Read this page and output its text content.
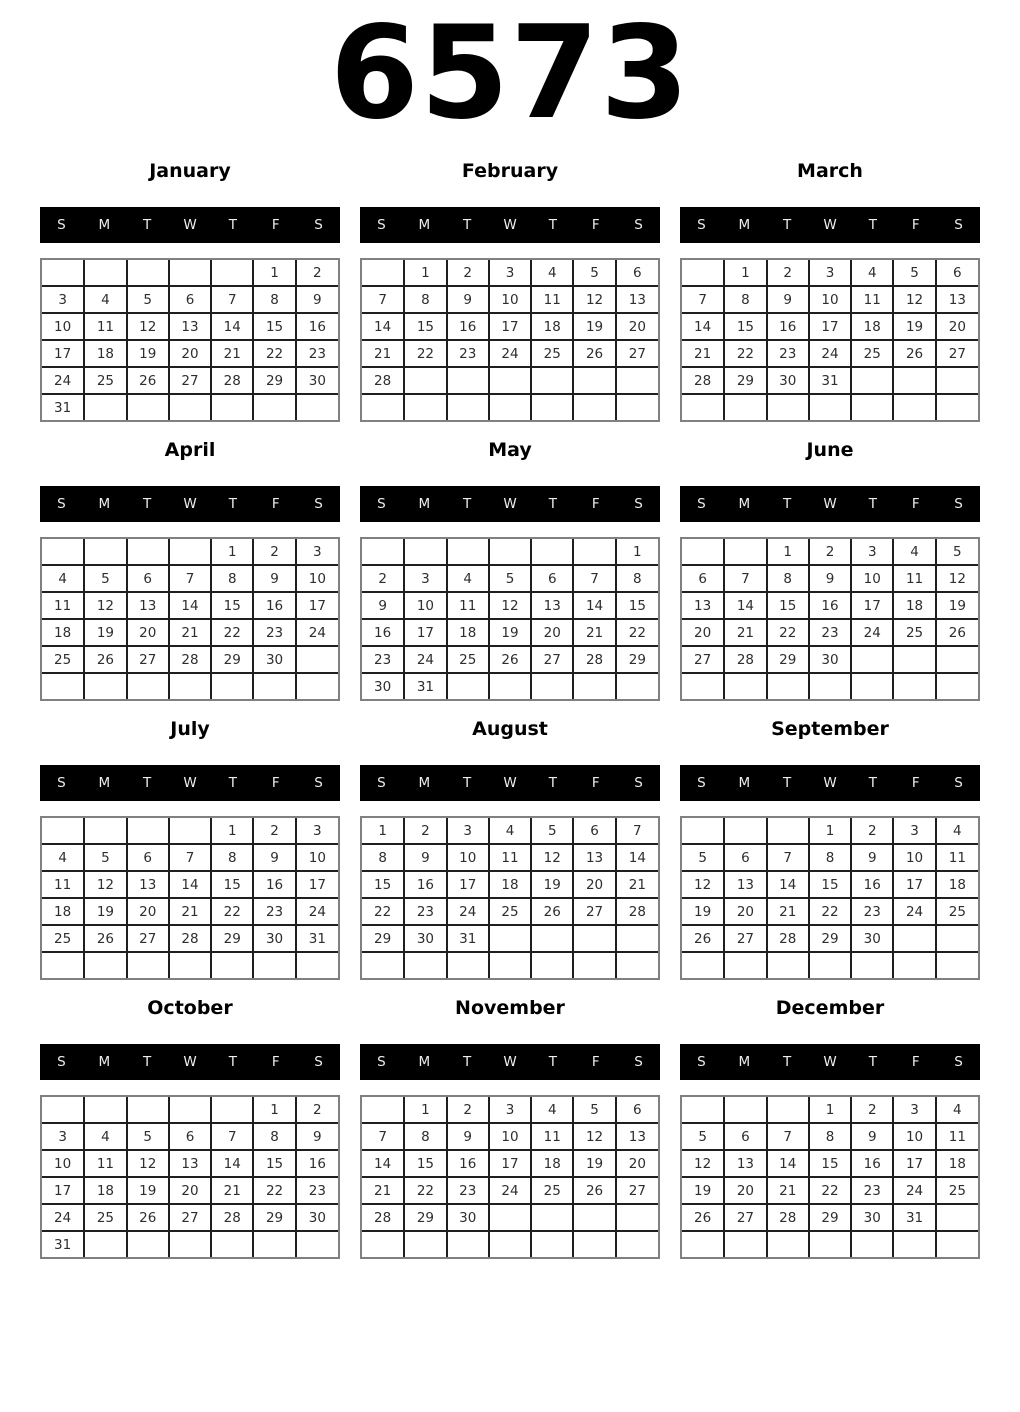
6573
January
S	M	T	W	T	F	S
					1	2
3	4	5	6	7	8	9
10	11	12	13	14	15	16
17	18	19	20	21	22	23
24	25	26	27	28	29	30
31						
February
S	M	T	W	T	F	S
	1	2	3	4	5	6
7	8	9	10	11	12	13
14	15	16	17	18	19	20
21	22	23	24	25	26	27
28						

March
S	M	T	W	T	F	S
	1	2	3	4	5	6
7	8	9	10	11	12	13
14	15	16	17	18	19	20
21	22	23	24	25	26	27
28	29	30	31			

April
S	M	T	W	T	F	S
				1	2	3
4	5	6	7	8	9	10
11	12	13	14	15	16	17
18	19	20	21	22	23	24
25	26	27	28	29	30	

May
S	M	T	W	T	F	S
						1
2	3	4	5	6	7	8
9	10	11	12	13	14	15
16	17	18	19	20	21	22
23	24	25	26	27	28	29
30	31					
June
S	M	T	W	T	F	S
		1	2	3	4	5
6	7	8	9	10	11	12
13	14	15	16	17	18	19
20	21	22	23	24	25	26
27	28	29	30			

July
S	M	T	W	T	F	S
				1	2	3
4	5	6	7	8	9	10
11	12	13	14	15	16	17
18	19	20	21	22	23	24
25	26	27	28	29	30	31

August
S	M	T	W	T	F	S
1	2	3	4	5	6	7
8	9	10	11	12	13	14
15	16	17	18	19	20	21
22	23	24	25	26	27	28
29	30	31				

September
S	M	T	W	T	F	S
			1	2	3	4
5	6	7	8	9	10	11
12	13	14	15	16	17	18
19	20	21	22	23	24	25
26	27	28	29	30		

October
S	M	T	W	T	F	S
					1	2
3	4	5	6	7	8	9
10	11	12	13	14	15	16
17	18	19	20	21	22	23
24	25	26	27	28	29	30
31						
November
S	M	T	W	T	F	S
	1	2	3	4	5	6
7	8	9	10	11	12	13
14	15	16	17	18	19	20
21	22	23	24	25	26	27
28	29	30				

December
S	M	T	W	T	F	S
			1	2	3	4
5	6	7	8	9	10	11
12	13	14	15	16	17	18
19	20	21	22	23	24	25
26	27	28	29	30	31	
